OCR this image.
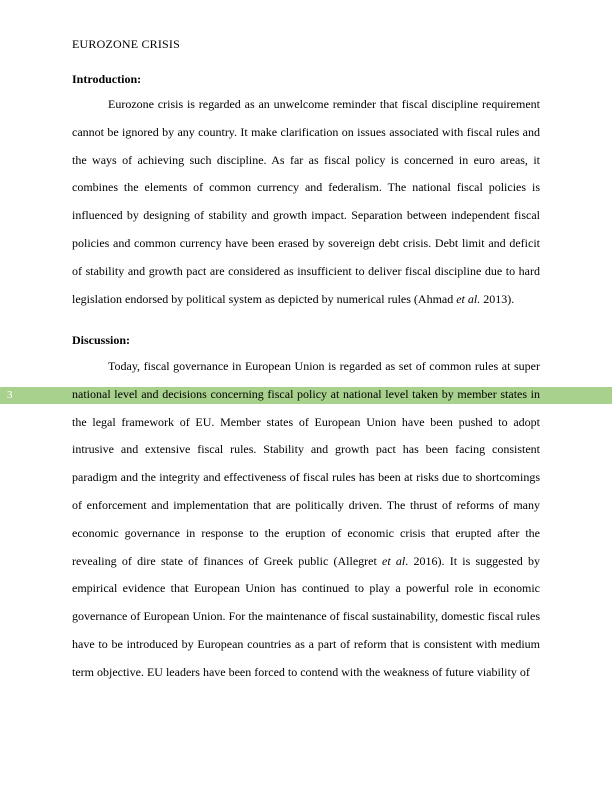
EUROZONE CRISIS
Introduction:

Eurozone crisis is regarded as an unwelcome reminder that fiscal discipline requirement cannot be ignored by any country. It make clarification on issues associated with fiscal rules and the ways of achieving such discipline. As far as fiscal policy is concerned in euro areas, it combines the elements of common currency and federalism. The national fiscal policies is influenced by designing of stability and growth impact. Separation between independent fiscal policies and common currency have been erased by sovereign debt crisis. Debt limit and deficit of stability and growth pact are considered as insufficient to deliver fiscal discipline due to hard legislation endorsed by political system as depicted by numerical rules (Ahmad et al. 2013).

3
Discussion:

Today, fiscal governance in European Union is regarded as set of common rules at super national level and decisions concerning fiscal policy at national level taken by member states in the legal framework of EU. Member states of European Union have been pushed to adopt intrusive and extensive fiscal rules. Stability and growth pact has been facing consistent paradigm and the integrity and effectiveness of fiscal rules has been at risks due to shortcomings of enforcement and implementation that are politically driven. The thrust of reforms of many economic governance in response to the eruption of economic crisis that erupted after the revealing of dire state of finances of Greek public (Allegret et al. 2016). It is suggested by empirical evidence that European Union has continued to play a powerful role in economic governance of European Union. For the maintenance of fiscal sustainability, domestic fiscal rules have to be introduced by European countries as a part of reform that is consistent with medium term objective. EU leaders have been forced to contend with the weakness of future viability of
